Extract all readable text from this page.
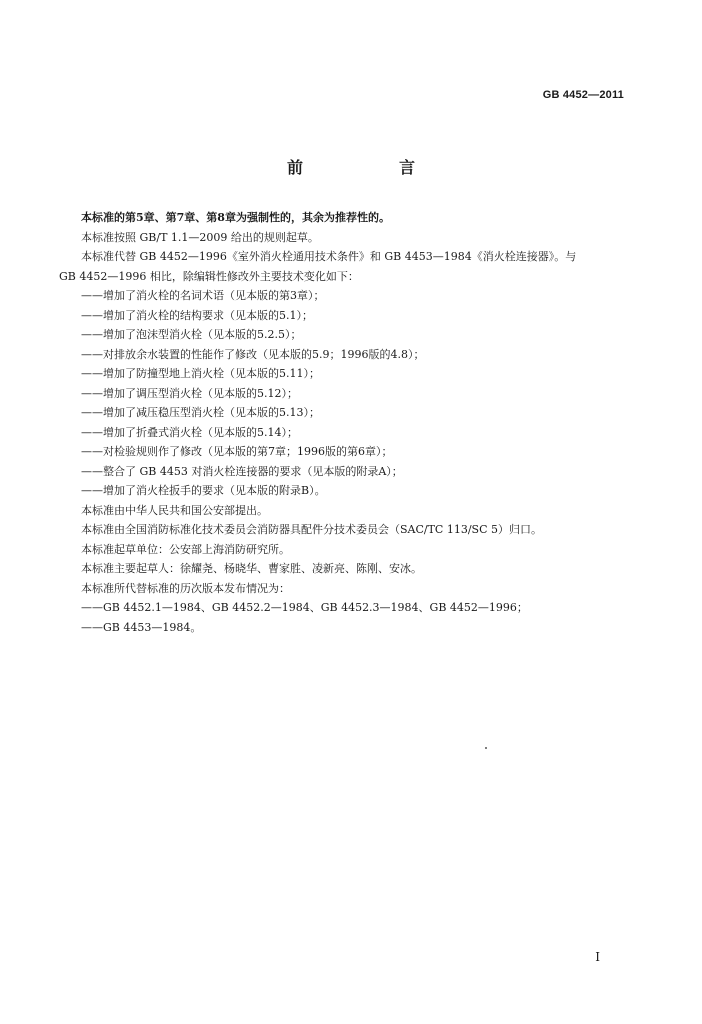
GB 4452—2011
前　言
本标准的第5章、第7章、第8章为强制性的，其余为推荐性的。
本标准按照 GB/T 1.1—2009 给出的规则起草。
本标准代替 GB 4452—1996《室外消火栓通用技术条件》和 GB 4453—1984《消火栓连接器》。与
GB 4452—1996 相比，除编辑性修改外主要技术变化如下：
——增加了消火栓的名词术语（见本版的第3章）；
——增加了消火栓的结构要求（见本版的5.1）；
——增加了泡沫型消火栓（见本版的5.2.5）；
——对排放余水装置的性能作了修改（见本版的5.9；1996版的4.8）；
——增加了防撞型地上消火栓（见本版的5.11）；
——增加了调压型消火栓（见本版的5.12）；
——增加了减压稳压型消火栓（见本版的5.13）；
——增加了折叠式消火栓（见本版的5.14）；
——对检验规则作了修改（见本版的第7章；1996版的第6章）；
——整合了 GB 4453 对消火栓连接器的要求（见本版的附录A）；
——增加了消火栓扳手的要求（见本版的附录B）。
本标准由中华人民共和国公安部提出。
本标准由全国消防标准化技术委员会消防器具配件分技术委员会（SAC/TC 113/SC 5）归口。
本标准起草单位：公安部上海消防研究所。
本标准主要起草人：徐耀尧、杨晓华、曹家胜、凌新亮、陈刚、安冰。
本标准所代替标准的历次版本发布情况为：
——GB 4452.1—1984、GB 4452.2—1984、GB 4452.3—1984、GB 4452—1996；
——GB 4453—1984。
I
